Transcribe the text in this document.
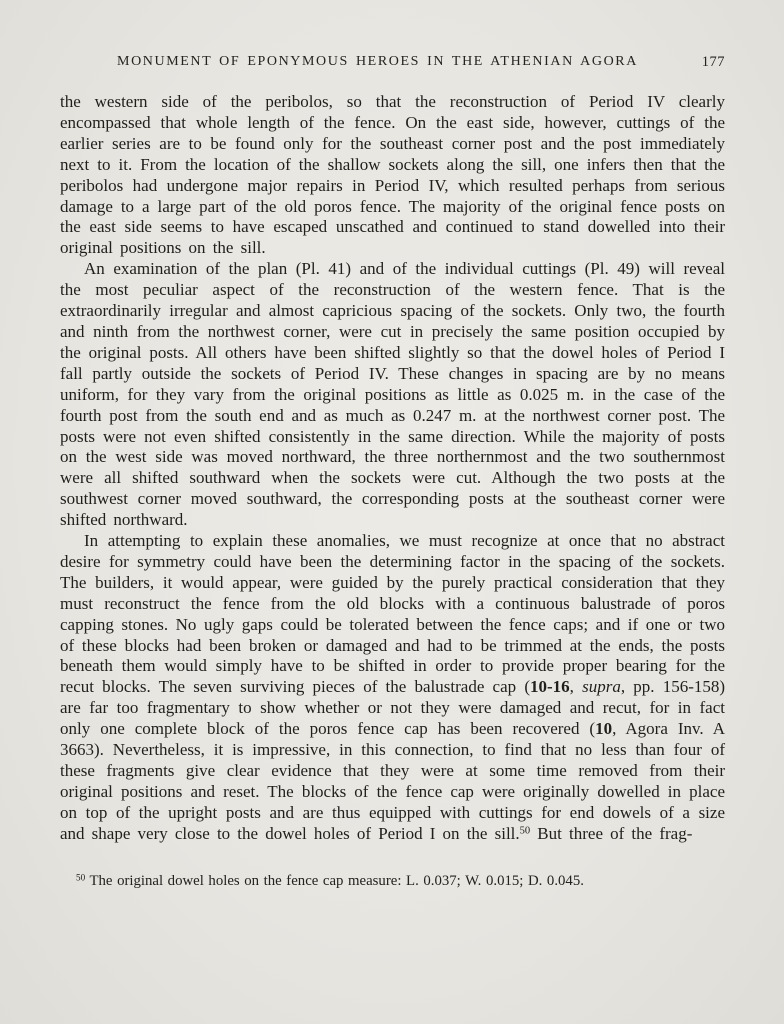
MONUMENT OF EPONYMOUS HEROES IN THE ATHENIAN AGORA	177

the western side of the peribolos, so that the reconstruction of Period IV clearly encompassed that whole length of the fence. On the east side, however, cuttings of the earlier series are to be found only for the southeast corner post and the post immediately next to it. From the location of the shallow sockets along the sill, one infers then that the peribolos had undergone major repairs in Period IV, which resulted perhaps from serious damage to a large part of the old poros fence. The majority of the original fence posts on the east side seems to have escaped unscathed and continued to stand dowelled into their original positions on the sill.

An examination of the plan (Pl. 41) and of the individual cuttings (Pl. 49) will reveal the most peculiar aspect of the reconstruction of the western fence. That is the extraordinarily irregular and almost capricious spacing of the sockets. Only two, the fourth and ninth from the northwest corner, were cut in precisely the same position occupied by the original posts. All others have been shifted slightly so that the dowel holes of Period I fall partly outside the sockets of Period IV. These changes in spacing are by no means uniform, for they vary from the original positions as little as 0.025 m. in the case of the fourth post from the south end and as much as 0.247 m. at the northwest corner post. The posts were not even shifted consistently in the same direction. While the majority of posts on the west side was moved northward, the three northernmost and the two southernmost were all shifted southward when the sockets were cut. Although the two posts at the southwest corner moved southward, the corresponding posts at the southeast corner were shifted northward.

In attempting to explain these anomalies, we must recognize at once that no abstract desire for symmetry could have been the determining factor in the spacing of the sockets. The builders, it would appear, were guided by the purely practical consideration that they must reconstruct the fence from the old blocks with a continuous balustrade of poros capping stones. No ugly gaps could be tolerated between the fence caps; and if one or two of these blocks had been broken or damaged and had to be trimmed at the ends, the posts beneath them would simply have to be shifted in order to provide proper bearing for the recut blocks. The seven surviving pieces of the balustrade cap (10-16, supra, pp. 156-158) are far too fragmentary to show whether or not they were damaged and recut, for in fact only one complete block of the poros fence cap has been recovered (10, Agora Inv. A 3663). Nevertheless, it is impressive, in this connection, to find that no less than four of these fragments give clear evidence that they were at some time removed from their original positions and reset. The blocks of the fence cap were originally dowelled in place on top of the upright posts and are thus equipped with cuttings for end dowels of a size and shape very close to the dowel holes of Period I on the sill.$^{50}$ But three of the frag-

$^{50}$ The original dowel holes on the fence cap measure: L. 0.037; W. 0.015; D. 0.045.
